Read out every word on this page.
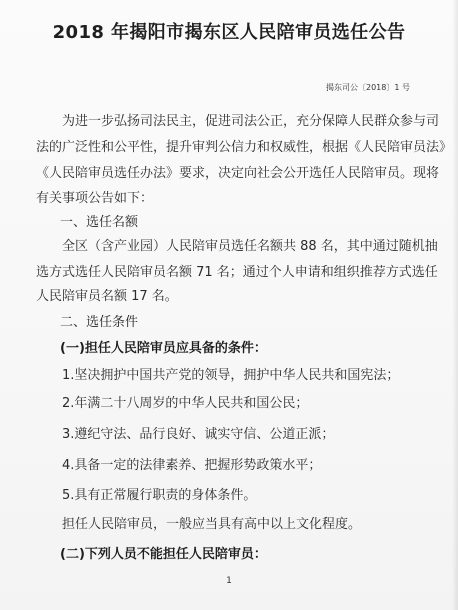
2018 年揭阳市揭东区人民陪审员选任公告
揭东司公〔2018〕1 号
为进一步弘扬司法民主，促进司法公正，充分保障人民群众参与司
法的广泛性和公平性，提升审判公信力和权威性，根据《人民陪审员法》
《人民陪审员选任办法》要求，决定向社会公开选任人民陪审员。现将
有关事项公告如下：
一、选任名额
全区（含产业园）人民陪审员选任名额共 88 名，其中通过随机抽
选方式选任人民陪审员名额 71 名；通过个人申请和组织推荐方式选任
人民陪审员名额 17 名。
二、选任条件
(一)担任人民陪审员应具备的条件：
1.坚决拥护中国共产党的领导，拥护中华人民共和国宪法；
2.年满二十八周岁的中华人民共和国公民；
3.遵纪守法、品行良好、诚实守信、公道正派；
4.具备一定的法律素养、把握形势政策水平；
5.具有正常履行职责的身体条件。
担任人民陪审员，一般应当具有高中以上文化程度。
(二)下列人员不能担任人民陪审员：
1
